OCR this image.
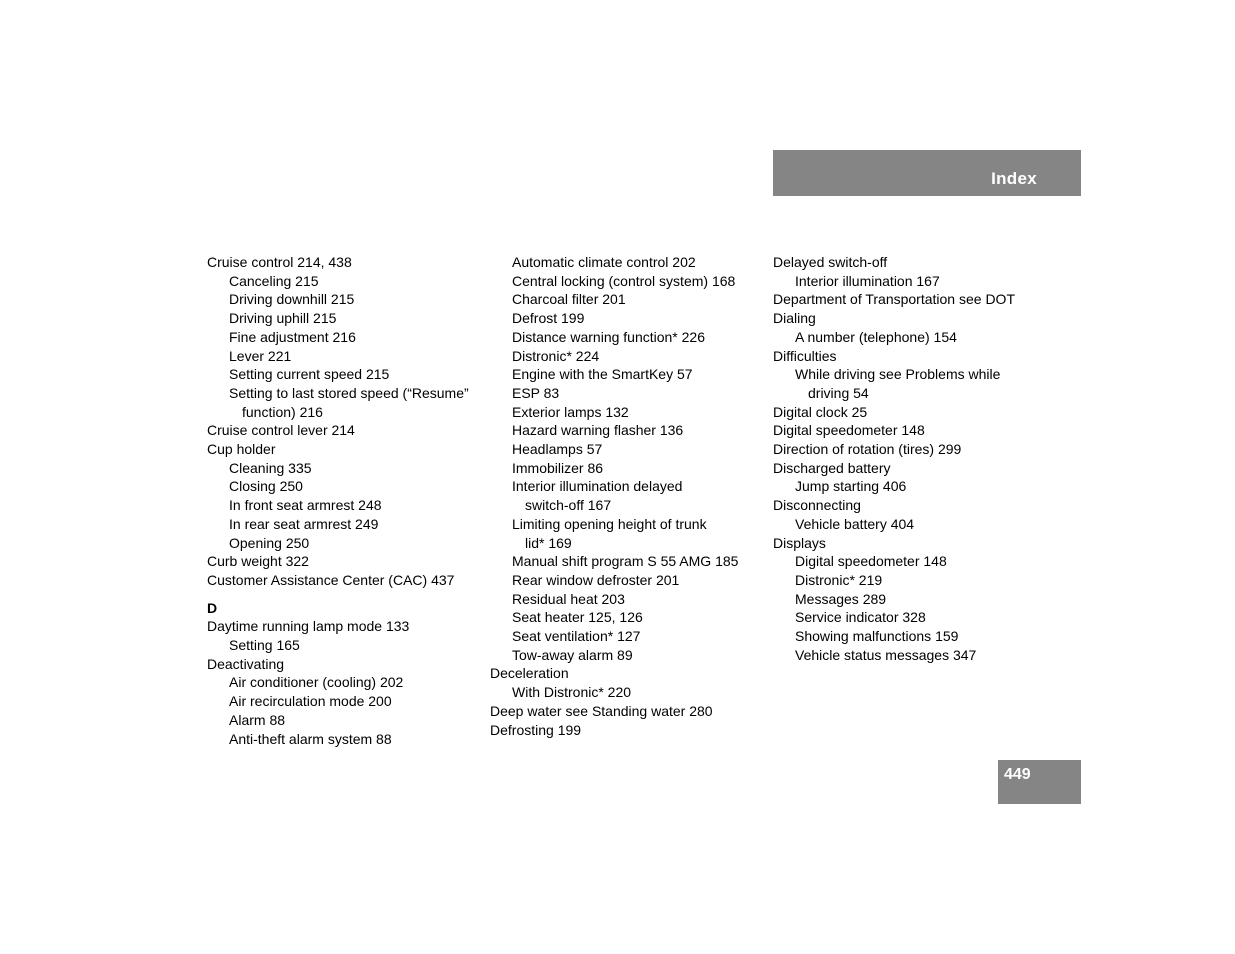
Index
Cruise control 214, 438
Canceling 215
Driving downhill 215
Driving uphill 215
Fine adjustment 216
Lever 221
Setting current speed 215
Setting to last stored speed (“Resume”
function) 216
Cruise control lever 214
Cup holder
Cleaning 335
Closing 250
In front seat armrest 248
In rear seat armrest 249
Opening 250
Curb weight 322
Customer Assistance Center (CAC) 437
D
Daytime running lamp mode 133
Setting 165
Deactivating
Air conditioner (cooling) 202
Air recirculation mode 200
Alarm 88
Anti-theft alarm system 88
Automatic climate control 202
Central locking (control system) 168
Charcoal filter 201
Defrost 199
Distance warning function* 226
Distronic* 224
Engine with the SmartKey 57
ESP 83
Exterior lamps 132
Hazard warning flasher 136
Headlamps 57
Immobilizer 86
Interior illumination delayed
switch-off 167
Limiting opening height of trunk
lid* 169
Manual shift program S 55 AMG 185
Rear window defroster 201
Residual heat 203
Seat heater 125, 126
Seat ventilation* 127
Tow-away alarm 89
Deceleration
With Distronic* 220
Deep water see Standing water 280
Defrosting 199
Delayed switch-off
Interior illumination 167
Department of Transportation see DOT
Dialing
A number (telephone) 154
Difficulties
While driving see Problems while
driving 54
Digital clock 25
Digital speedometer 148
Direction of rotation (tires) 299
Discharged battery
Jump starting 406
Disconnecting
Vehicle battery 404
Displays
Digital speedometer 148
Distronic* 219
Messages 289
Service indicator 328
Showing malfunctions 159
Vehicle status messages 347
449
